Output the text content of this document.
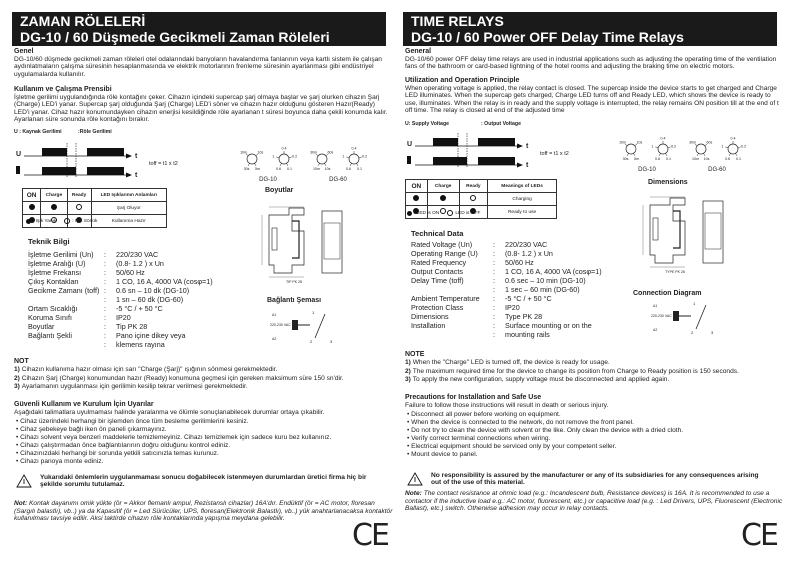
ZAMAN RÖLELERİ
DG-10 / 60 Düşmede Gecikmeli Zaman Röleleri
Genel
DG-10/60 düşmede gecikmeli zaman röleleri otel odalarındaki banyoların havalandırma fanlarının veya kartlı sistem ile çalışan aydınlatmaların çalışma süresinin hesaplanmasında ve elektrik motorlarının frenleme süresinin ayarlanması gibi endüstriyel uygulamalarda kullanılır.
Kullanım ve Çalışma Prensibi
İşletme gerilimi uygulandığında röle kontağını çeker. Cihazın içindeki supercap şarj olmaya başlar ve şarj olurken cihazın Şarj (Charge) LED'i yanar. Supercap şarj olduğunda Şarj (Charge) LED'i söner ve cihazın hazır olduğunu gösteren Hazır(Ready) LED'i yanar. Cihaz hazır konumundayken cihazın enerjisi kesildiğinde röle ayarlanan t süresi boyunca daha çekili konumda kalır. Ayarlanan süre sonunda röle kontağını bırakır.
U : Kaynak Gerilimi	:Röle Gerilimi
U	t
t
toff = t1 x t2
ON	Charge	Ready	LED Işıklarının Anlamları
			Şarj Oluyor
			Kullanıma Hazır
: Işık Yanık	: Işık Sönük
Teknik Bilgi
İşletme Gerilimi (Un)	:	220/230 VAC
İşletme Aralığı (U)	:	(0.8- 1.2 ) x Un
İşletme Frekansı	:	50/60 Hz
Çıkış Kontakları	:	1 CO, 16 A, 4000 VA (cosφ=1)
Gecikme Zamanı (toff) :	0.6 sn – 10 dk (DG-10)
:	1 sn – 60 dk (DG-60)
Ortam Sıcaklığı	:	-5 °C / + 50 °C
Koruma Sınıfı	:	IP20
Boyutlar	:	Tip PK 28
Bağlantı Şekli	:	Pano içine dikey veya
:	klemens rayına
30s
10m	10s
5m	0.6
1
0.4
0.2
0.1
DG-10
10m
30m	60s
10s	0.6
1
0.4
0.2
0.1
DG-60
Boyutlar
TIP PK 28
Bağlantı Şeması
A1
220-230 VAC
A2
1
2	3
NOT
1) Cihazın kullanıma hazır olması için sarı "Charge (Şarj)" ışığının sönmesi gerekmektedir.
2) Cihazın Şarj (Charge) konumundan hazır (Ready) konumuna geçmesi için gereken maksimum süre 150 sn'dir.
3) Ayarlamanın uygulanması için gerilimin kesilip tekrar verilmesi gerekmektedir.
Güvenli Kullanım ve Kurulum İçin Uyarılar
Aşağıdaki talimatlara uyulmaması halinde yaralanma ve ölümle sonuçlanabilecek durumlar ortaya çıkabilir.
• Cihaz üzerindeki herhangi bir işlemden önce tüm besleme gerilimlerini kesiniz.
• Cihaz şebekeye bağlı iken ön paneli çıkarmayınız.
• Cihazı solvent veya benzeri maddelerle temizlemeyiniz. Cihazı temizlemek için sadece kuru bez kullanınız.
• Cihazı çalıştırmadan önce bağlantılarının doğru olduğunu kontrol ediniz.
• Cihazınızdaki herhangi bir sorunda yetkili satıcınızla temas kurunuz.
• Cihazı panoya monte ediniz.
Yukarıdaki önlemlerin uygulanmaması sonucu doğabilecek istenmeyen durumlardan üretici firma hiç bir şekilde sorumlu tutulamaz.
Not: Kontak dayanımı omik yükte (ör = Akkor flemanlı ampul, Rezistanslı cihazlar) 16A'dır. Endüktif (ör = AC motor, floresan (Sargılı balastlı), vb..) ya da Kapasitif (ör = Led Sürücüler, UPS, floresan(Elektronik Balastlı), vb..) yük anahtarlanacaksa kontaktör kullanılması tavsiye edilir. Aksi taktirde cihazın röle kontaklarında yapışma meydana gelebilir.	CE
TIME RELAYS
DG-10 / 60 Power OFF Delay Time Relays
General
DG-10/60 power OFF delay time relays are used in industrial applications such as adjusting the operating time of the ventilation fans of the bathroom or card-based lightning of the hotel rooms and adjusting the braking time on electric motors.
Utilization and Operation Principle
When operating voltage is applied, the relay contact is closed. The supercap inside the device starts to get charged and Charge LED illuminates. When the supercap gets charged, Charge LED turns off and Ready LED, which shows the device is ready to use, illuminates. When the relay is in ready and the supply voltage is interrupted, the relay remains ON position till at the end of t off time. The relay is closed at end of the adjusted time
U: Supply Voltage	: Output Voltage
U	t
t
toff = t1 x t2
ON	Charge	Ready	Meanings of LEDs
			Charging
			Ready to use
: LED is ON	LED is OFF
Technical Data
Rated Voltage (Un)	:	220/230 VAC
Operating Range (U)	:	(0.8- 1.2 ) x Un
Rated Frequency	:	50/60 Hz
Output Contacts	:	1 CO, 16 A, 4000 VA (cosφ=1)
Delay Time (toff)	:	0.6 sec – 10 min (DG-10)
:	1 sec – 60 min (DG-60)
Ambient Temperature	:	-5 °C / + 50 °C
Protection Class	:	IP20
Dimensions	:	Type PK 28
Installation	:	Surface mounting or on the
:	mounting rails
30s
10m	10s
5m	0.6
1
0.4
0.2
0.1
DG-10
10m
30m	60s
10s	0.6
1
0.4
0.2
0.1
DG-60
Dimensions
TYPE PK 28
Connection Diagram
A1
220-230 VAC
A2
1
2	3
NOTE
1) When the "Charge" LED is turned off, the device is ready for usage.
2) The maximum required time for the device to change its position from Charge to Ready position is 150 seconds.
3) To apply the new configuration, supply voltage must be disconnected and applied again.
Precautions for Installation and Safe Use
Failure to follow those instructions will result in death or serious injury.
• Disconnect all power before working on equipment.
• When the device is connected to the network, do not remove the front panel.
• Do not try to clean the device with solvent or the like. Only clean the device with a dried cloth.
• Verify correct terminal connections when wiring.
• Electrical equipment should be serviced only by your competent seller.
• Mount device to panel.
No responsibility is assured by the manufacturer or any of its subsidiaries for any consequences arising out of the use of this material.
Note: The contact resistance at ohmic load (e.g.: Incandescent bulb, Resistance devices) is 16A. It is recommended to use a contactor if the inductive load e.g.: AC motor, fluorescent, etc.) or capacitive load (e.g. : Led Drivers, UPS, Fluorescent (Electronic Ballast), etc.) switch. Otherwise adhesion may occur in relay contacts.
CE
